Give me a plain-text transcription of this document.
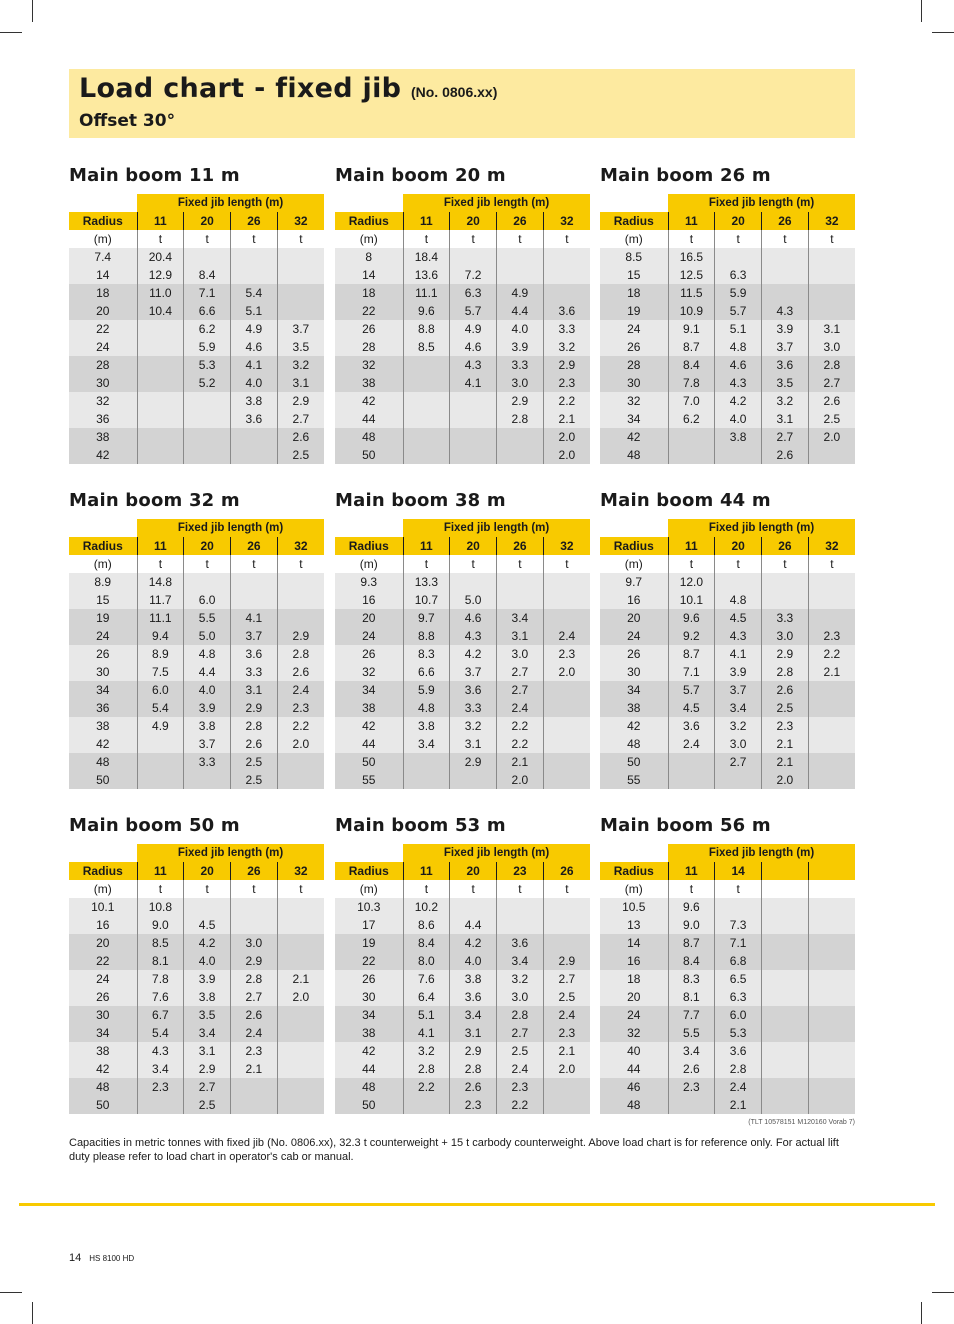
Load chart - fixed jib (No. 0806.xx)
Offset 30°
Main boom 11 m
	Fixed jib length (m)			
Radius	11	20	26	32
(m)	t	t	t	t
7.4	20.4			
14	12.9	8.4		
18	11.0	7.1	5.4	
20	10.4	6.6	5.1	
22		6.2	4.9	3.7
24		5.9	4.6	3.5
28		5.3	4.1	3.2
30		5.2	4.0	3.1
32			3.8	2.9
36			3.6	2.7
38				2.6
42				2.5
Main boom 20 m
	Fixed jib length (m)			
Radius	11	20	26	32
(m)	t	t	t	t
8	18.4			
14	13.6	7.2		
18	11.1	6.3	4.9	
22	9.6	5.7	4.4	3.6
26	8.8	4.9	4.0	3.3
28	8.5	4.6	3.9	3.2
32		4.3	3.3	2.9
38		4.1	3.0	2.3
42			2.9	2.2
44			2.8	2.1
48				2.0
50				2.0
Main boom 26 m
	Fixed jib length (m)			
Radius	11	20	26	32
(m)	t	t	t	t
8.5	16.5			
15	12.5	6.3		
18	11.5	5.9		
19	10.9	5.7	4.3	
24	9.1	5.1	3.9	3.1
26	8.7	4.8	3.7	3.0
28	8.4	4.6	3.6	2.8
30	7.8	4.3	3.5	2.7
32	7.0	4.2	3.2	2.6
34	6.2	4.0	3.1	2.5
42		3.8	2.7	2.0
48			2.6	
Main boom 32 m
	Fixed jib length (m)			
Radius	11	20	26	32
(m)	t	t	t	t
8.9	14.8			
15	11.7	6.0		
19	11.1	5.5	4.1	
24	9.4	5.0	3.7	2.9
26	8.9	4.8	3.6	2.8
30	7.5	4.4	3.3	2.6
34	6.0	4.0	3.1	2.4
36	5.4	3.9	2.9	2.3
38	4.9	3.8	2.8	2.2
42		3.7	2.6	2.0
48		3.3	2.5	
50			2.5	
Main boom 38 m
	Fixed jib length (m)			
Radius	11	20	26	32
(m)	t	t	t	t
9.3	13.3			
16	10.7	5.0		
20	9.7	4.6	3.4	
24	8.8	4.3	3.1	2.4
26	8.3	4.2	3.0	2.3
32	6.6	3.7	2.7	2.0
34	5.9	3.6	2.7	
38	4.8	3.3	2.4	
42	3.8	3.2	2.2	
44	3.4	3.1	2.2	
50		2.9	2.1	
55			2.0	
Main boom 44 m
	Fixed jib length (m)			
Radius	11	20	26	32
(m)	t	t	t	t
9.7	12.0			
16	10.1	4.8		
20	9.6	4.5	3.3	
24	9.2	4.3	3.0	2.3
26	8.7	4.1	2.9	2.2
30	7.1	3.9	2.8	2.1
34	5.7	3.7	2.6	
38	4.5	3.4	2.5	
42	3.6	3.2	2.3	
48	2.4	3.0	2.1	
50		2.7	2.1	
55			2.0	
Main boom 50 m
	Fixed jib length (m)			
Radius	11	20	26	32
(m)	t	t	t	t
10.1	10.8			
16	9.0	4.5		
20	8.5	4.2	3.0	
22	8.1	4.0	2.9	
24	7.8	3.9	2.8	2.1
26	7.6	3.8	2.7	2.0
30	6.7	3.5	2.6	
34	5.4	3.4	2.4	
38	4.3	3.1	2.3	
42	3.4	2.9	2.1	
48	2.3	2.7		
50		2.5		
Main boom 53 m
	Fixed jib length (m)			
Radius	11	20	23	26
(m)	t	t	t	t
10.3	10.2			
17	8.6	4.4		
19	8.4	4.2	3.6	
22	8.0	4.0	3.4	2.9
26	7.6	3.8	3.2	2.7
30	6.4	3.6	3.0	2.5
34	5.1	3.4	2.8	2.4
38	4.1	3.1	2.7	2.3
42	3.2	2.9	2.5	2.1
44	2.8	2.8	2.4	2.0
48	2.2	2.6	2.3	
50		2.3	2.2	
Main boom 56 m
	Fixed jib length (m)			
Radius	11	14		
(m)	t	t		
10.5	9.6			
13	9.0	7.3		
14	8.7	7.1		
16	8.4	6.8		
18	8.3	6.5		
20	8.1	6.3		
24	7.7	6.0		
32	5.5	5.3		
40	3.4	3.6		
44	2.6	2.8		
46	2.3	2.4		
48		2.1		
(TLT 10578151 M120160 Vorab 7)
Capacities in metric tonnes with fixed jib (No. 0806.xx), 32.3 t counterweight + 15 t carbody counterweight. Above load chart is for reference only. For actual lift duty please refer to load chart in operator's cab or manual.
14 HS 8100 HD
